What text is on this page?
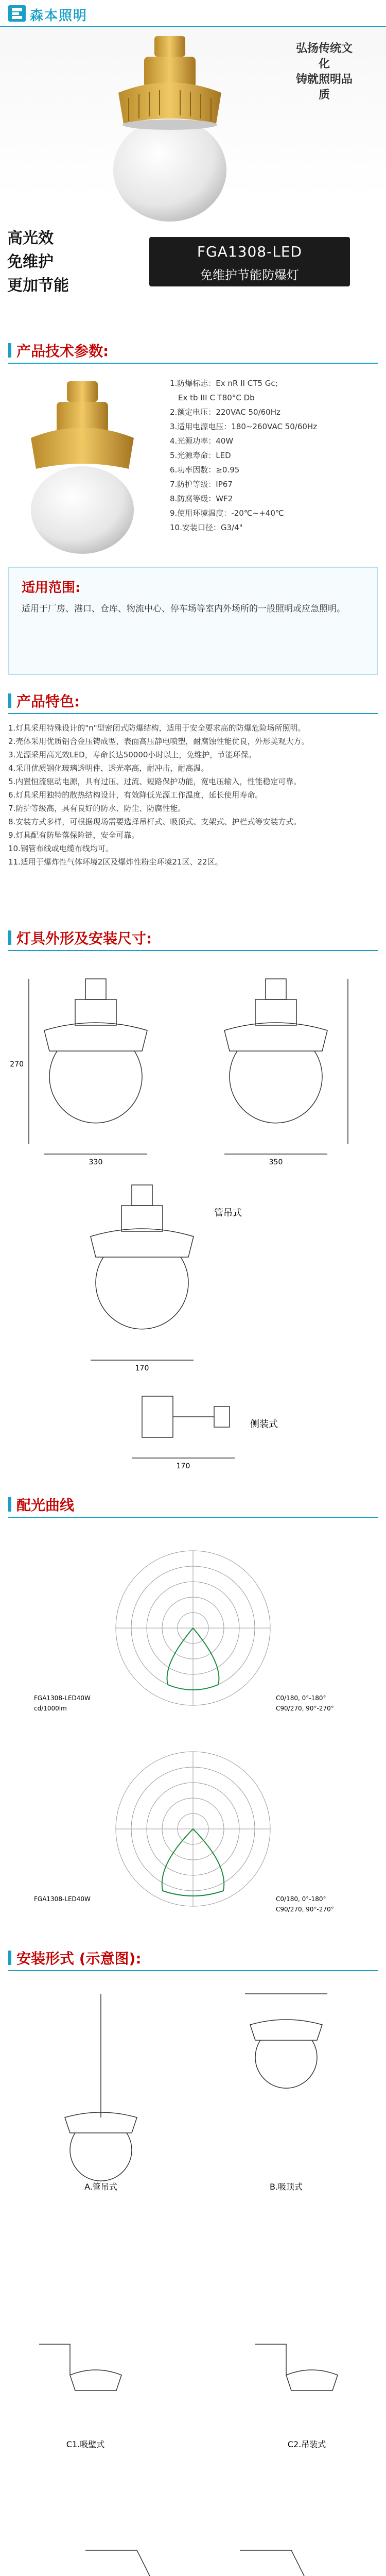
森本照明
弘扬传统文化
铸就照明品质
高光效
免维护
更加节能
FGA1308-LED
免维护节能防爆灯
产品技术参数:
1.防爆标志：Ex nR II CT5 Gc;
Ex tb III C T80°C Db
2.额定电压：220VAC 50/60Hz
3.适用电源电压：180~260VAC 50/60Hz
4.光源功率：40W
5.光源寿命：LED
6.功率因数：≥0.95
7.防护等级：IP67
8.防腐等级：WF2
9.使用环境温度：-20℃~+40℃
10.安装口径：G3/4"
适用范围:
适用于厂房、港口、仓库、物流中心、停车场等室内外场所的一般照明或应急照明。
产品特色:
1.灯具采用特殊设计的"n"型密闭式防爆结构，适用于安全要求高的防爆危险场所照明。
2.壳体采用优质铝合金压铸成型，表面高压静电喷塑，耐腐蚀性能优良，外形美观大方。
3.光源采用高光效LED，寿命长达50000小时以上，免维护，节能环保。
4.采用优质钢化玻璃透明件，透光率高，耐冲击，耐高温。
5.内置恒流驱动电源，具有过压、过流、短路保护功能，宽电压输入，性能稳定可靠。
6.灯具采用独特的散热结构设计，有效降低光源工作温度，延长使用寿命。
7.防护等级高，具有良好的防水、防尘、防腐性能。
8.安装方式多样，可根据现场需要选择吊杆式、吸顶式、支架式、护栏式等安装方式。
9.灯具配有防坠落保险链，安全可靠。
10.钢管布线或电缆布线均可。
11.适用于爆炸性气体环境2区及爆炸性粉尘环境21区、22区。
灯具外形及安装尺寸:
330	350
270
170
170
管吊式
侧装式
配光曲线
FGA1308-LED40W
cd/1000lm
C0/180, 0°-180°
C90/270, 90°-270°
FGA1308-LED40W	C0/180, 0°-180°
C90/270, 90°-270°
安装形式 (示意图):
A.管吊式	B.吸顶式
C1.吸壁式	C2.吊装式
